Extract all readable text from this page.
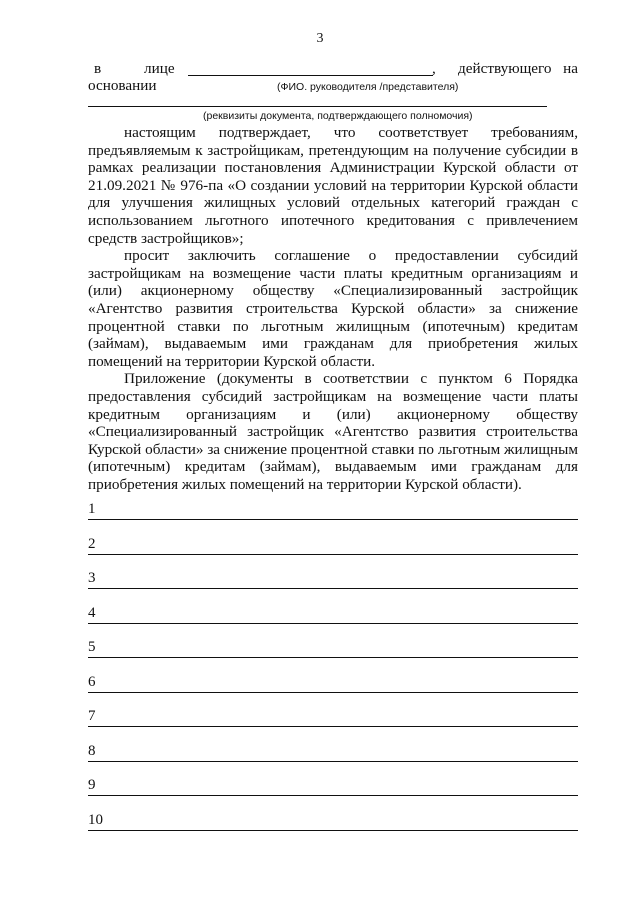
3
в	лице	, действующего на
основании	(ФИО. руководителя /представителя)
(реквизиты документа, подтверждающего полномочия)

настоящим подтверждает, что соответствует требованиям, предъявляемым к застройщикам, претендующим на получение субсидии в рамках реализации постановления Администрации Курской области от 21.09.2021 № 976-па «О создании условий на территории Курской области для улучшения жилищных условий отдельных категорий граждан с использованием льготного ипотечного кредитования с привлечением средств застройщиков»;

просит заключить соглашение о предоставлении субсидий застройщикам на возмещение части платы кредитным организациям и (или) акционерному обществу «Специализированный застройщик «Агентство развития строительства Курской области» за снижение процентной ставки по льготным жилищным (ипотечным) кредитам (займам), выдаваемым ими гражданам для приобретения жилых помещений на территории Курской области.

Приложение (документы в соответствии с пунктом 6 Порядка предоставления субсидий застройщикам на возмещение части платы кредитным организациям и (или) акционерному обществу «Специализированный застройщик «Агентство развития строительства Курской области» за снижение процентной ставки по льготным жилищным (ипотечным) кредитам (займам), выдаваемым ими гражданам для приобретения жилых помещений на территории Курской области).

1
2
3
4
5
6
7
8
9
10
